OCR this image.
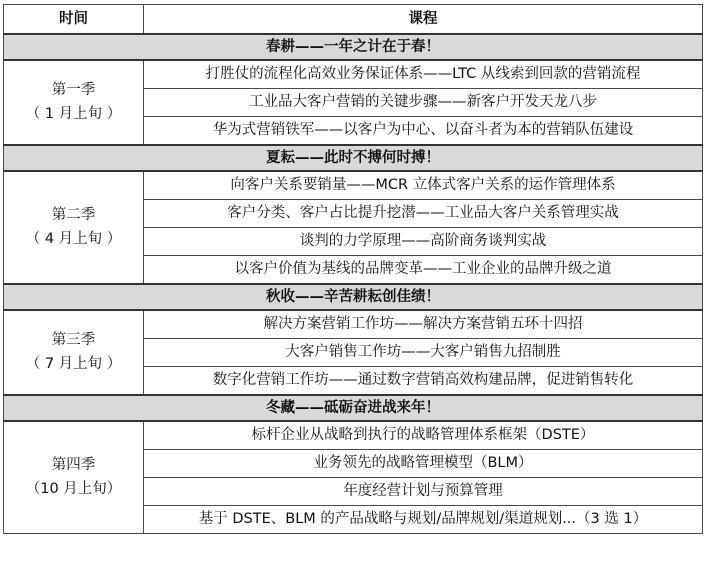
时间	课程
春耕——一年之计在于春！	

第一季
（ 1 月上旬 ）	打胜仗的流程化高效业务保证体系——LTC 从线索到回款的营销流程
	工业品大客户营销的关键步骤——新客户开发天龙八步
	华为式营销铁军——以客户为中心、以奋斗者为本的营销队伍建设
夏耘——此时不搏何时搏！	

第二季
（ 4 月上旬 ）	向客户关系要销量——MCR 立体式客户关系的运作管理体系
	客户分类、客户占比提升挖潜——工业品大客户关系管理实战
	谈判的力学原理——高阶商务谈判实战
	以客户价值为基线的品牌变革——工业企业的品牌升级之道
秋收——辛苦耕耘创佳绩！	

第三季
（ 7 月上旬 ）	解决方案营销工作坊——解决方案营销五环十四招
	大客户销售工作坊——大客户销售九招制胜
	数字化营销工作坊——通过数字营销高效构建品牌，促进销售转化
冬藏——砥砺奋进战来年！	

第四季
（10 月上旬）	标杆企业从战略到执行的战略管理体系框架（DSTE）
	业务领先的战略管理模型（BLM）
	年度经营计划与预算管理
	基于 DSTE、BLM 的产品战略与规划/品牌规划/渠道规划...（3 选 1）
